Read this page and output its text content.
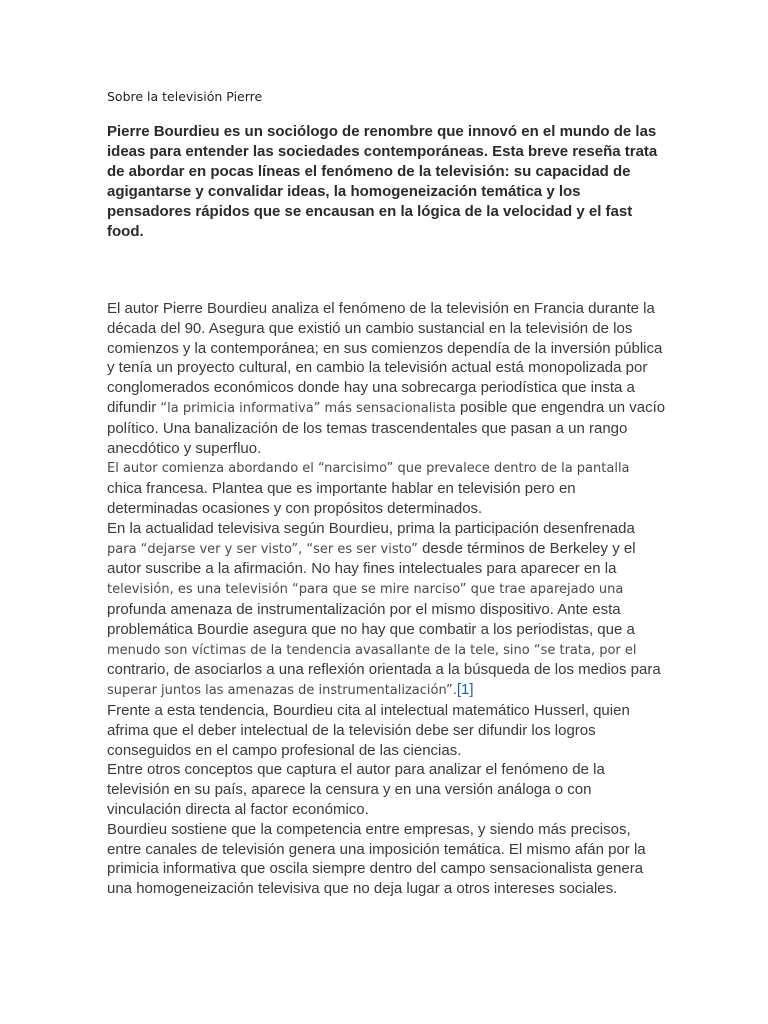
Sobre la televisión Pierre
Pierre Bourdieu es un sociólogo de renombre que innovó en el mundo de las ideas para entender las sociedades contemporáneas. Esta breve reseña trata de abordar en pocas líneas el fenómeno de la televisión: su capacidad de agigantarse y convalidar ideas, la homogeneización temática y los pensadores rápidos que se encausan en la lógica de la velocidad y el fast food.

El autor Pierre Bourdieu analiza el fenómeno de la televisión en Francia durante la década del 90. Asegura que existió un cambio sustancial en la televisión de los comienzos y la contemporánea; en sus comienzos dependía de la inversión pública y tenía un proyecto cultural, en cambio la televisión actual está monopolizada por conglomerados económicos donde hay una sobrecarga periodística que insta a difundir “la primicia informativa” más sensacionalista posible que engendra un vacío político. Una banalización de los temas trascendentales que pasan a un rango anecdótico y superfluo.

El autor comienza abordando el “narcisimo” que prevalece dentro de la pantalla chica francesa. Plantea que es importante hablar en televisión pero en determinadas ocasiones y con propósitos determinados.

En la actualidad televisiva según Bourdieu, prima la participación desenfrenada para “dejarse ver y ser visto”, “ser es ser visto” desde términos de Berkeley y el autor suscribe a la afirmación. No hay fines intelectuales para aparecer en la televisión, es una televisión “para que se mire narciso” que trae aparejado una profunda amenaza de instrumentalización por el mismo dispositivo. Ante esta problemática Bourdie asegura que no hay que combatir a los periodistas, que a menudo son víctimas de la tendencia avasallante de la tele, sino “se trata, por el contrario, de asociarlos a una reflexión orientada a la búsqueda de los medios para superar juntos las amenazas de instrumentalización”.[1]

Frente a esta tendencia, Bourdieu cita al intelectual matemático Husserl, quien afrima que el deber intelectual de la televisión debe ser difundir los logros conseguidos en el campo profesional de las ciencias.

Entre otros conceptos que captura el autor para analizar el fenómeno de la televisión en su país, aparece la censura y en una versión análoga o con vinculación directa al factor económico.

Bourdieu sostiene que la competencia entre empresas, y siendo más precisos, entre canales de televisión genera una imposición temática. El mismo afán por la primicia informativa que oscila siempre dentro del campo sensacionalista genera una homogeneización televisiva que no deja lugar a otros intereses sociales.
